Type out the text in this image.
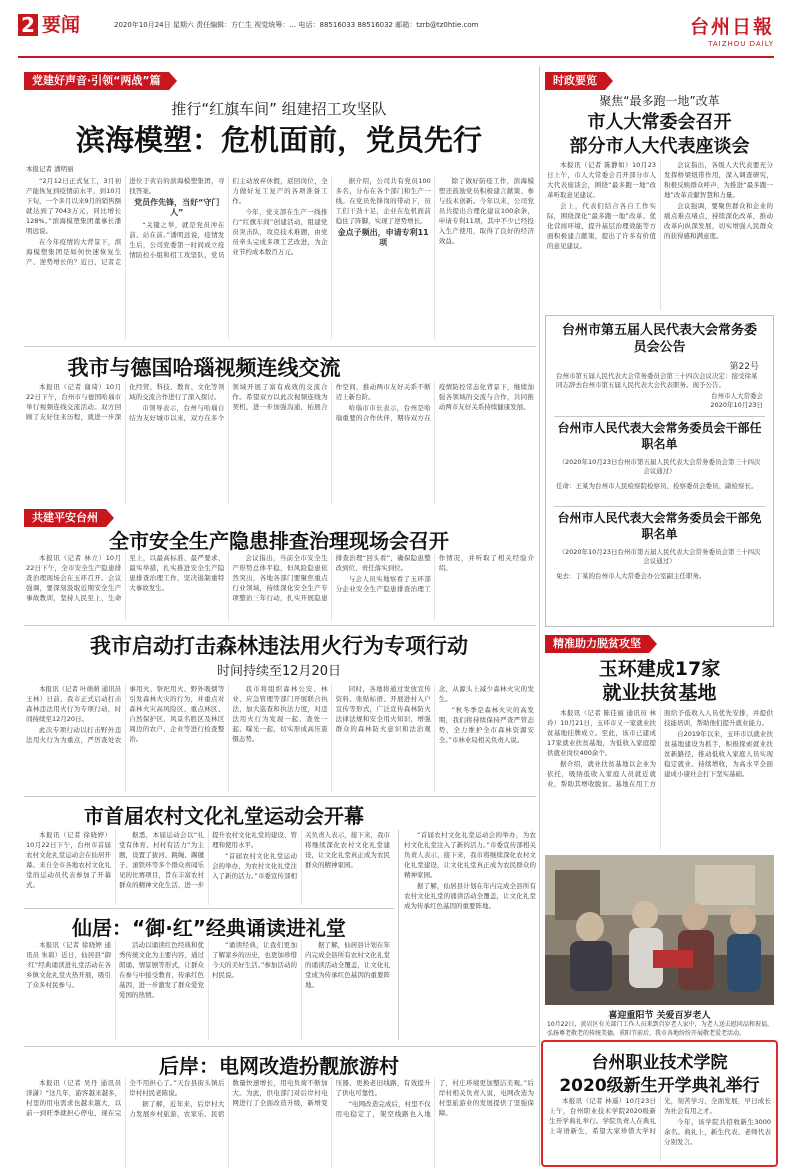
2 要闻	2020年10月24日 星期六 责任编辑：方仁生 视觉统筹：… 电话：88516033 88516032 邮箱：tzrb@tz0htie.com	台州日報
TAIZHOU DAILY
党建好声音·引领“两战”篇
推行“红旗车间” 组建招工攻坚队
滨海模塑：危机面前，党员先行
本报记者 潘明丽

“2月12日正式复工，3月初产能恢复到疫情前水平，到10月下旬，一个多月以来9月的销售额就达到了7043万元，同比增长128%。”滨海模塑集团董事长潘明远说。

在今年疫情的大背景下，滨海模塑集团是如何快速恢复生产、逆势增长的？近日，记者走进位于黄岩的滨海模塑集团，寻找答案。

党员作先锋，当好“守门人”

“关键之举，就是党员冲在前、站在前。”潘明远说，疫情发生后，公司党委第一时间成立疫情防控小组和招工攻坚队，党员们主动放弃休假，返回岗位，全力做好复工复产的各项准备工作。

今年，党支部在生产一线推行“红旗车间”创建活动，组建党员突击队，攻克技术难题，由党员牵头完成多项工艺改进，为企业节约成本数百万元。

据介绍，公司共有党员100多名，分布在各个部门和生产一线。在党员先锋岗的带动下，员工们干劲十足，企业在危机面前稳住了阵脚，实现了逆势增长。

金点子频出，申请专利11项

除了做好防疫工作，滨海模塑还鼓励党员积极建言献策、参与技术创新。今年以来，公司党员共提出合理化建议100余条，申请专利11项，其中不少已经投入生产使用，取得了良好的经济效益。

我市与德国哈瑙视频连线交流

本报讯（记者 谢琦）10月22日下午，台州市与德国哈瑙市举行视频连线交流活动。双方回顾了友好往来历程，就进一步深化经贸、科技、教育、文化等领域的交流合作进行了深入探讨。

市领导表示，台州与哈瑙自结为友好城市以来，双方在多个领域开展了富有成效的交流合作。希望双方以此次视频连线为契机，进一步加强沟通，拓展合作空间，推动两市友好关系不断迈上新台阶。

哈瑙市市长表示，台州是哈瑙重要的合作伙伴，期待双方在疫情防控常态化背景下，继续加强各领域的交流与合作，共同推动两市友好关系持续健康发展。

共建平安台州
全市安全生产隐患排查治理现场会召开

本报讯（记者 林立）10月22日下午，全市安全生产隐患排查治理现场会在玉环召开。会议强调，要深刻汲取近期安全生产事故教训，坚持人民至上、生命至上，以最高标准、最严要求、最实举措，扎实推进安全生产隐患排查治理工作，坚决遏制重特大事故发生。

会议指出，当前全市安全生产形势总体平稳，但风险隐患依然突出，各地各部门要聚焦重点行业领域，持续深化安全生产专项整治三年行动，扎实开展隐患排查治理“回头看”，确保隐患整改到位、责任落实到位。

与会人员实地察看了玉环部分企业安全生产隐患排查治理工作情况，并听取了相关经验介绍。

我市启动打击森林违法用火行为专项行动
时间持续至12月20日

本报讯（记者 叶萌萌 通讯员 王林）日前，我市正式启动打击森林违法用火行为专项行动，时间持续至12月20日。

此次专项行动以打击野外违法用火行为为重点，严厉查处农事用火、祭祀用火、野外吸烟等引发森林火灾的行为，并重点对森林火灾高风险区、重点林区、自然保护区、风景名胜区及林区周边的农户、企业等进行检查整治。

我市将组织森林公安、林业、应急管理等部门开展联合执法，加大巡查和执法力度，对违法用火行为发现一起、查处一起、曝光一起，切实形成高压震慑态势。

同时，各地将通过发放宣传资料、张贴标语、开展进村入户宣传等形式，广泛宣传森林防火法律法规和安全用火知识，增强群众的森林防火意识和法治观念，从源头上减少森林火灾的发生。

“秋冬季是森林火灾的高发期，我们将持续保持严查严管态势，全力维护全市森林资源安全。”市林业局相关负责人说。

市首届农村文化礼堂运动会开幕

本报讯（记者 徐晓婷）10月22日下午，台州市首届农村文化礼堂运动会在仙居开幕。来自全市各地农村文化礼堂的运动员代表参加了开幕式。

据悉，本届运动会以“礼堂有体育、村村有活力”为主题，设置了拔河、跳绳、踢毽子、滚铁环等多个群众喜闻乐见的比赛项目，旨在丰富农村群众的精神文化生活，进一步提升农村文化礼堂的建设、管理和使用水平。

“首届农村文化礼堂运动会的举办，为农村文化礼堂注入了新的活力。”市委宣传部相关负责人表示，接下来，我市将继续深化农村文化礼堂建设，让文化礼堂真正成为农民群众的精神家园。

仙居：“御·红”经典诵读进礼堂

本报讯（记者 徐晓婷 通讯员 朱碧）近日，仙居县“御·红”经典诵读进礼堂活动在各乡镇文化礼堂火热开展，吸引了众多村民参与。

活动以诵读红色经典和优秀传统文化为主要内容，通过朗诵、情景剧等形式，让群众在参与中接受教育、传承红色基因，进一步激发了群众爱党爱国的热情。

“诵读经典，让我们更加了解家乡的历史，也更加珍惜今天的美好生活。”参加活动的村民说。

据了解，仙居县计划在年内完成全县所有农村文化礼堂的诵读活动全覆盖，让文化礼堂成为传承红色基因的重要阵地。

“首届农村文化礼堂运动会的举办，为农村文化礼堂注入了新的活力。”市委宣传部相关负责人表示，接下来，我市将继续深化农村文化礼堂建设，让文化礼堂真正成为农民群众的精神家园。

据了解，仙居县计划在年内完成全县所有农村文化礼堂的诵读活动全覆盖，让文化礼堂成为传承红色基因的重要阵地。

后岸：电网改造扮靓旅游村

本报讯（记者 吴丹 通讯员 泽潇）“这几年，游客越来越多，村里的用电需求也越来越大，以前一到旺季就担心停电，现在完全不用担心了。”天台县街头镇后岸村村民老陈说。

据了解，近年来，后岸村大力发展乡村旅游，农家乐、民宿数量快速增长，用电负荷不断加大。为此，供电部门对后岸村电网进行了全面改造升级，新增变压器、更换老旧线路，有效提升了供电可靠性。

“电网改造完成后，村里不仅用电稳定了，架空线路也入地了，村庄环境更加整洁美观。”后岸村相关负责人说，电网改造为村里旅游业的发展提供了坚强保障。

时政要览
聚焦“最多跑一地”改革
市人大常委会召开
部分市人大代表座谈会

本报讯（记者 陈静如）10月23日上午，市人大常委会召开部分市人大代表座谈会，围绕“最多跑一地”改革听取意见建议。

会上，代表们结合各自工作实际，围绕深化“最多跑一地”改革、优化营商环境、提升基层治理效能等方面积极建言献策，提出了许多有价值的意见建议。

会议指出，各级人大代表要充分发挥桥梁纽带作用，深入调查研究，积极反映群众呼声，为推进“最多跑一地”改革贡献智慧和力量。

会议强调，要聚焦群众和企业的痛点难点堵点，持续深化改革，推动改革向纵深发展，切实增强人民群众的获得感和满意度。

台州市第五届人民代表大会常务委员会公告
第22号
台州市第五届人民代表大会常务委员会第三十四次会议决定：接受徐某同志辞去台州市第五届人民代表大会代表职务。现予公告。
台州市人大常委会
2020年10月23日
台州市人民代表大会常务委员会干部任职名单
（2020年10月23日台州市第五届人民代表大会常务委员会第三十四次会议通过）
任命：王某为台州市人民检察院检察员、检察委员会委员、副检察长。
台州市人民代表大会常务委员会干部免职名单
（2020年10月23日台州市第五届人民代表大会常务委员会第三十四次会议通过）
免去：丁某的台州市人大常委会办公室副主任职务。
精准助力脱贫攻坚
玉环建成17家
就业扶贫基地

本报讯（记者 陈佳丽 通讯员 林玲）10月21日，玉环市又一家就业扶贫基地挂牌成立。至此，该市已建成17家就业扶贫基地，为低收入家庭提供就业岗位400余个。

据介绍，就业扶贫基地以企业为依托，吸纳低收入家庭人员就近就业，帮助其增收脱贫。基地在用工方面给予低收入人员优先安排，并提供技能培训，帮助他们提升就业能力。

自2019年以来，玉环市以就业扶贫基地建设为抓手，积极探索就业扶贫新路径，推动低收入家庭人员实现稳定就业、持续增收，为高水平全面建成小康社会打下坚实基础。

喜迎重阳节 关爱百岁老人
10月22日，黄岩区有关部门工作人员来到百岁老人家中，为老人送去慰问品和祝福，弘扬尊老敬老的传统美德。重阳节前后，我市各地纷纷开展敬老爱老活动。
台州职业技术学院
2020级新生开学典礼举行

本报讯（记者 林遥）10月23日上午，台州职业技术学院2020级新生开学典礼举行。学院负责人在典礼上寄语新生，希望大家珍惜大学时光，刻苦学习，全面发展，早日成长为社会有用之才。

今年，该学院共招收新生3000余名。典礼上，新生代表、老师代表分别发言。
